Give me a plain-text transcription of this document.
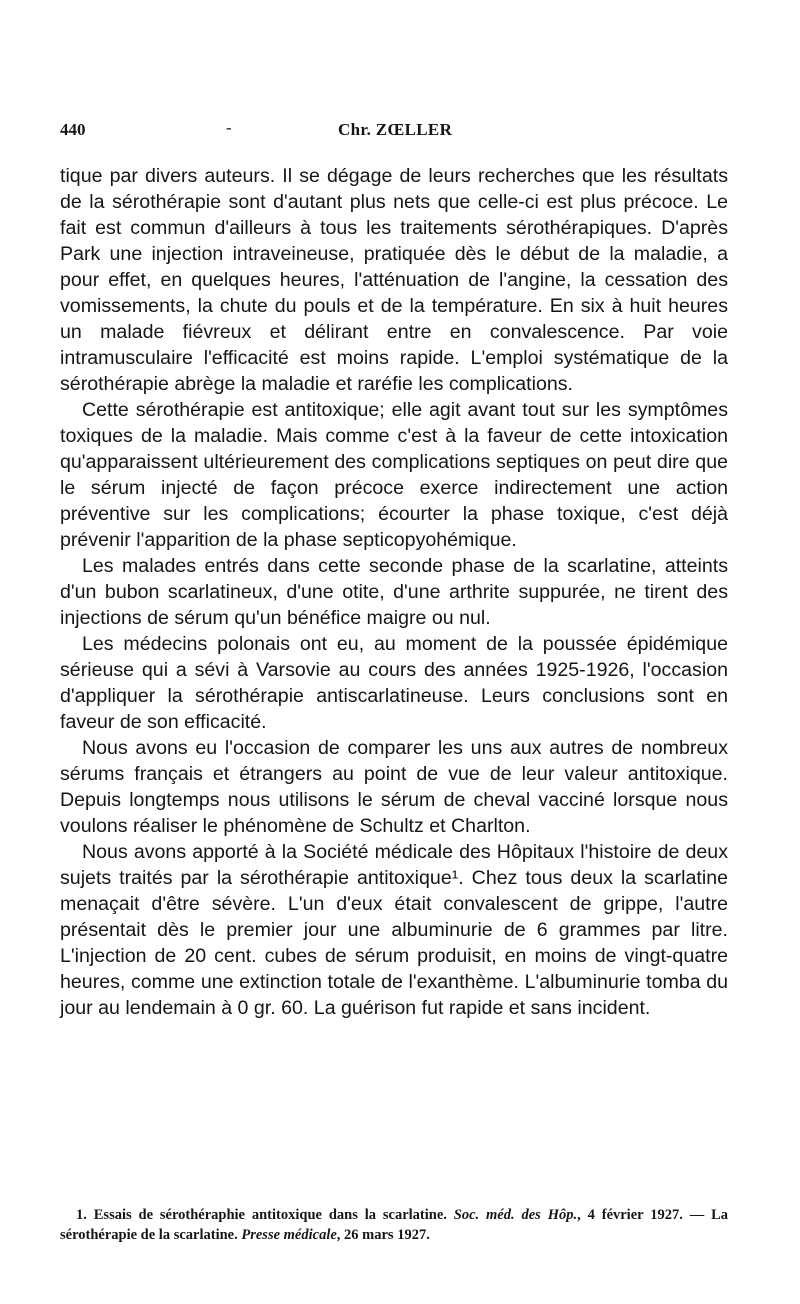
440	-	Chr. ZŒLLER

tique par divers auteurs. Il se dégage de leurs recherches que les résultats de la sérothérapie sont d'autant plus nets que celle-ci est plus précoce. Le fait est commun d'ailleurs à tous les traitements sérothérapiques. D'après Park une injection intraveineuse, pratiquée dès le début de la maladie, a pour effet, en quelques heures, l'atténuation de l'angine, la cessation des vomissements, la chute du pouls et de la température. En six à huit heures un malade fiévreux et délirant entre en convalescence. Par voie intramusculaire l'efficacité est moins rapide. L'emploi systématique de la sérothérapie abrège la maladie et raréfie les complications.

Cette sérothérapie est antitoxique; elle agit avant tout sur les symptômes toxiques de la maladie. Mais comme c'est à la faveur de cette intoxication qu'apparaissent ultérieurement des complications septiques on peut dire que le sérum injecté de façon précoce exerce indirectement une action préventive sur les complications; écourter la phase toxique, c'est déjà prévenir l'apparition de la phase septicopyohémique.

Les malades entrés dans cette seconde phase de la scarlatine, atteints d'un bubon scarlatineux, d'une otite, d'une arthrite suppurée, ne tirent des injections de sérum qu'un bénéfice maigre ou nul.

Les médecins polonais ont eu, au moment de la poussée épidémique sérieuse qui a sévi à Varsovie au cours des années 1925-1926, l'occasion d'appliquer la sérothérapie antiscarlatineuse. Leurs conclusions sont en faveur de son efficacité.

Nous avons eu l'occasion de comparer les uns aux autres de nombreux sérums français et étrangers au point de vue de leur valeur antitoxique. Depuis longtemps nous utilisons le sérum de cheval vacciné lorsque nous voulons réaliser le phénomène de Schultz et Charlton.

Nous avons apporté à la Société médicale des Hôpitaux l'histoire de deux sujets traités par la sérothérapie antitoxique¹. Chez tous deux la scarlatine menaçait d'être sévère. L'un d'eux était convalescent de grippe, l'autre présentait dès le premier jour une albuminurie de 6 grammes par litre. L'injection de 20 cent. cubes de sérum produisit, en moins de vingt-quatre heures, comme une extinction totale de l'exanthème. L'albuminurie tomba du jour au lendemain à 0 gr. 60. La guérison fut rapide et sans incident.

1. Essais de sérothéraphie antitoxique dans la scarlatine. Soc. méd. des Hôp., 4 février 1927. — La sérothérapie de la scarlatine. Presse médicale, 26 mars 1927.
